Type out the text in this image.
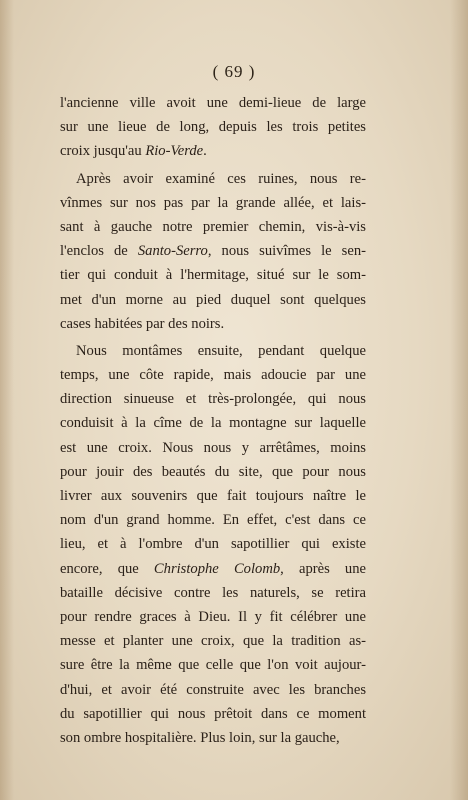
( 69 )
l'ancienne ville avoit une demi-lieue de large
sur une lieue de long, depuis les trois petites
croix jusqu'au Rio-Verde.
Après avoir examiné ces ruines, nous re-
vînmes sur nos pas par la grande allée, et lais-
sant à gauche notre premier chemin, vis-à-vis
l'enclos de Santo-Serro, nous suivîmes le sen-
tier qui conduit à l'hermitage, situé sur le som-
met d'un morne au pied duquel sont quelques
cases habitées par des noirs.
Nous montâmes ensuite, pendant quelque
temps, une côte rapide, mais adoucie par une
direction sinueuse et très-prolongée, qui nous
conduisit à la cîme de la montagne sur laquelle
est une croix. Nous nous y arrêtâmes, moins
pour jouir des beautés du site, que pour nous
livrer aux souvenirs que fait toujours naître le
nom d'un grand homme. En effet, c'est dans ce
lieu, et à l'ombre d'un sapotillier qui existe
encore, que Christophe Colomb, après une
bataille décisive contre les naturels, se retira
pour rendre graces à Dieu. Il y fit célébrer une
messe et planter une croix, que la tradition as-
sure être la même que celle que l'on voit aujour-
d'hui, et avoir été construite avec les branches
du sapotillier qui nous prêtoit dans ce moment
son ombre hospitalière. Plus loin, sur la gauche,
